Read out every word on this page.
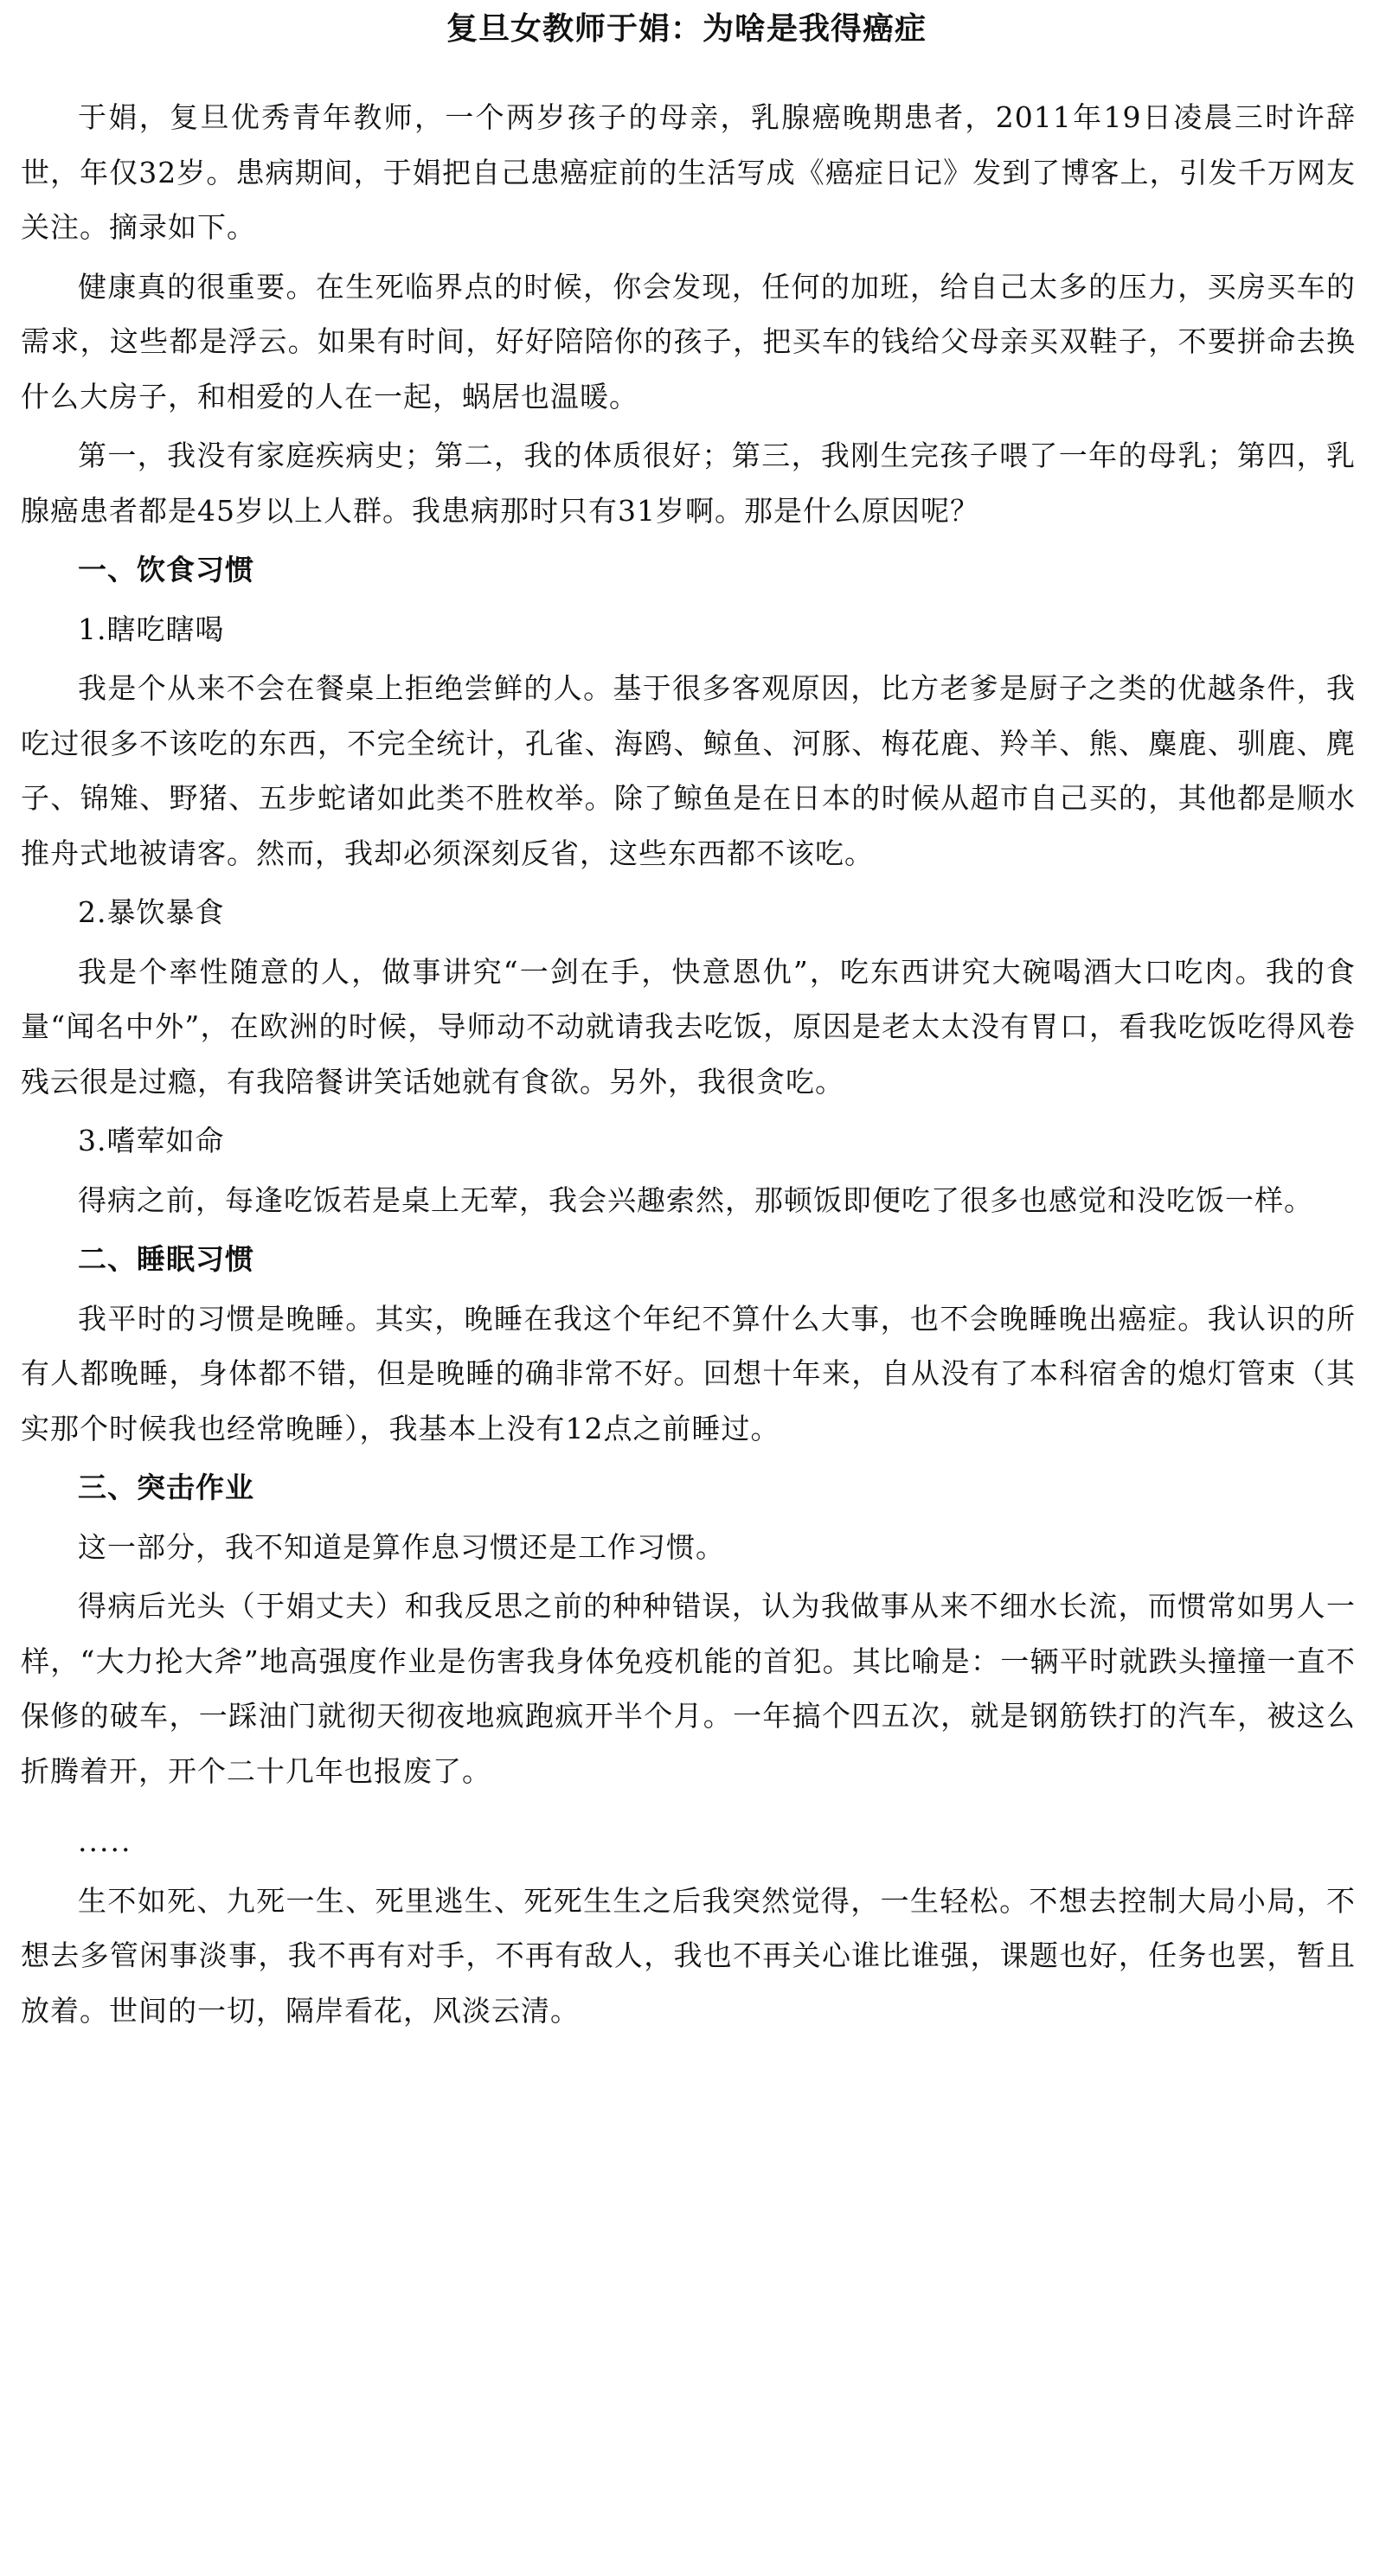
复旦女教师于娟：为啥是我得癌症

于娟，复旦优秀青年教师，一个两岁孩子的母亲，乳腺癌晚期患者，2011年19日凌晨三时许辞世，年仅32岁。患病期间，于娟把自己患癌症前的生活写成《癌症日记》发到了博客上，引发千万网友关注。摘录如下。

健康真的很重要。在生死临界点的时候，你会发现，任何的加班，给自己太多的压力，买房买车的需求，这些都是浮云。如果有时间，好好陪陪你的孩子，把买车的钱给父母亲买双鞋子，不要拼命去换什么大房子，和相爱的人在一起，蜗居也温暖。

第一，我没有家庭疾病史；第二，我的体质很好；第三，我刚生完孩子喂了一年的母乳；第四，乳腺癌患者都是45岁以上人群。我患病那时只有31岁啊。那是什么原因呢？

一、饮食习惯
1.瞎吃瞎喝

我是个从来不会在餐桌上拒绝尝鲜的人。基于很多客观原因，比方老爹是厨子之类的优越条件，我吃过很多不该吃的东西，不完全统计，孔雀、海鸥、鲸鱼、河豚、梅花鹿、羚羊、熊、麋鹿、驯鹿、麂子、锦雉、野猪、五步蛇诸如此类不胜枚举。除了鲸鱼是在日本的时候从超市自己买的，其他都是顺水推舟式地被请客。然而，我却必须深刻反省，这些东西都不该吃。

2.暴饮暴食

我是个率性随意的人，做事讲究“一剑在手，快意恩仇”，吃东西讲究大碗喝酒大口吃肉。我的食量“闻名中外”，在欧洲的时候，导师动不动就请我去吃饭，原因是老太太没有胃口，看我吃饭吃得风卷残云很是过瘾，有我陪餐讲笑话她就有食欲。另外，我很贪吃。

3.嗜荤如命

得病之前，每逢吃饭若是桌上无荤，我会兴趣索然，那顿饭即便吃了很多也感觉和没吃饭一样。

二、睡眠习惯

我平时的习惯是晚睡。其实，晚睡在我这个年纪不算什么大事，也不会晚睡晚出癌症。我认识的所有人都晚睡，身体都不错，但是晚睡的确非常不好。回想十年来，自从没有了本科宿舍的熄灯管束（其实那个时候我也经常晚睡），我基本上没有12点之前睡过。

三、突击作业

这一部分，我不知道是算作息习惯还是工作习惯。

得病后光头（于娟丈夫）和我反思之前的种种错误，认为我做事从来不细水长流，而惯常如男人一样，“大力抡大斧”地高强度作业是伤害我身体免疫机能的首犯。其比喻是：一辆平时就跌头撞撞一直不保修的破车，一踩油门就彻天彻夜地疯跑疯开半个月。一年搞个四五次，就是钢筋铁打的汽车，被这么折腾着开，开个二十几年也报废了。

.....

生不如死、九死一生、死里逃生、死死生生之后我突然觉得，一生轻松。不想去控制大局小局，不想去多管闲事淡事，我不再有对手，不再有敌人，我也不再关心谁比谁强，课题也好，任务也罢，暂且放着。世间的一切，隔岸看花，风淡云清。
